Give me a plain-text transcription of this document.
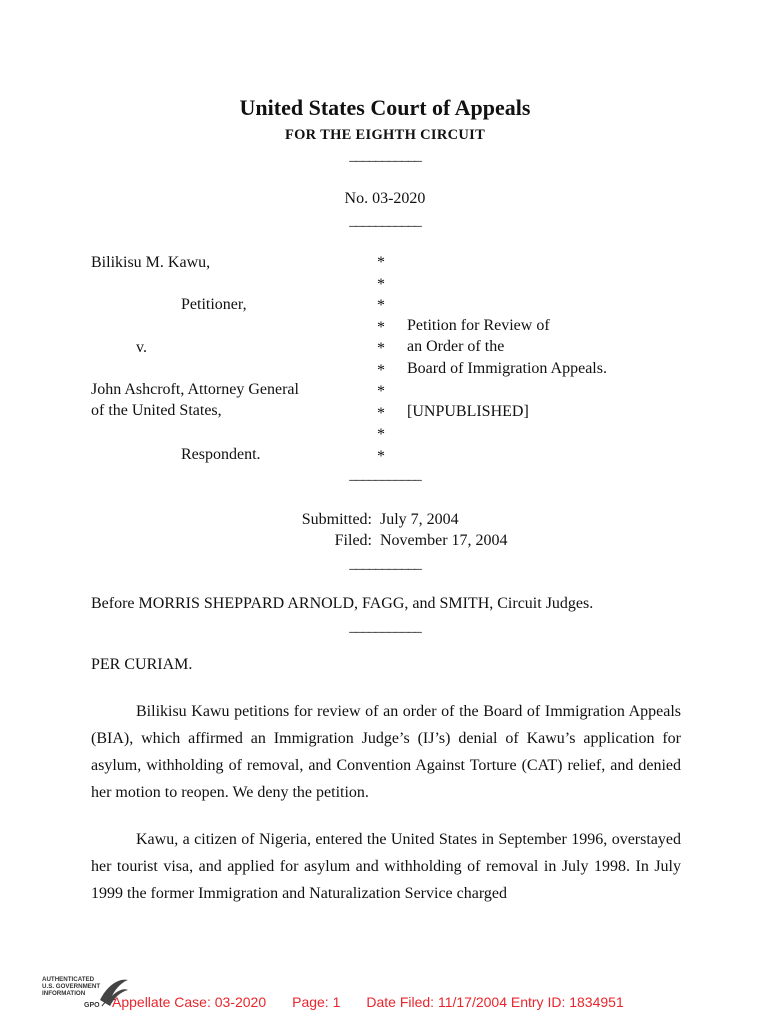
United States Court of Appeals
FOR THE EIGHTH CIRCUIT
___________
No. 03-2020
___________
Bilikisu M. Kawu,
Petitioner,
v.
John Ashcroft, Attorney General
of the United States,
Respondent.
*
*
*
*
*
*
*
*
*
*
Petition for Review of
an Order of the
Board of Immigration Appeals.
[UNPUBLISHED]
___________
Submitted: July 7, 2004
Filed: November 17, 2004
___________
Before MORRIS SHEPPARD ARNOLD, FAGG, and SMITH, Circuit Judges.
___________
PER CURIAM.

Bilikisu Kawu petitions for review of an order of the Board of Immigration Appeals (BIA), which affirmed an Immigration Judge’s (IJ’s) denial of Kawu’s application for asylum, withholding of removal, and Convention Against Torture (CAT) relief, and denied her motion to reopen. We deny the petition.

Kawu, a citizen of Nigeria, entered the United States in September 1996, overstayed her tourist visa, and applied for asylum and withholding of removal in July 1998. In July 1999 the former Immigration and Naturalization Service charged

AUTHENTICATED
U.S. GOVERNMENT
INFORMATION
GPO Appellate Case: 03-2020 Page: 1 Date Filed: 11/17/2004 Entry ID: 1834951
